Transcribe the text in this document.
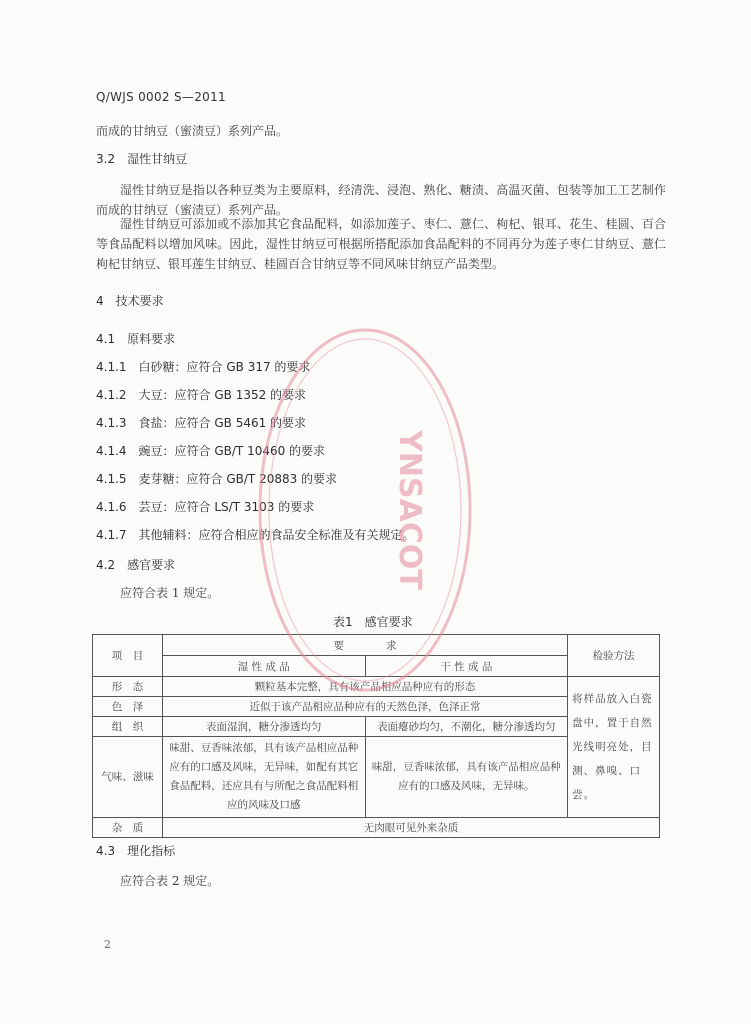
Q/WJS 0002 S—2011
而成的甘纳豆（蜜渍豆）系列产品。
3.2　湿性甘纳豆
湿性甘纳豆是指以各种豆类为主要原料，经清洗、浸泡、熟化、糖渍、高温灭菌、包装等加工工艺制作而成的甘纳豆（蜜渍豆）系列产品。
湿性甘纳豆可添加或不添加其它食品配料，如添加莲子、枣仁、薏仁、枸杞、银耳、花生、桂圆、百合等食品配料以增加风味。因此，湿性甘纳豆可根据所搭配添加食品配料的不同再分为莲子枣仁甘纳豆、薏仁枸杞甘纳豆、银耳莲生甘纳豆、桂圆百合甘纳豆等不同风味甘纳豆产品类型。
4　技术要求
4.1　原料要求
4.1.1　白砂糖：应符合 GB 317 的要求
4.1.2　大豆：应符合 GB 1352 的要求
4.1.3　食盐：应符合 GB 5461 的要求
4.1.4　豌豆：应符合 GB/T 10460 的要求
4.1.5　麦芽糖：应符合 GB/T 20883 的要求
4.1.6　芸豆：应符合 LS/T 3103 的要求
4.1.7　其他辅料：应符合相应的食品安全标准及有关规定。
4.2　感官要求
应符合表 1 规定。
表1　感官要求
项　目	要　　　　求		检验方法
	湿 性 成 品	干 性 成 品	
形　态	颗粒基本完整，具有该产品相应品种应有的形态		将样品放入白瓷盘中，置于自然光线明亮处，目测、鼻嗅、口尝。
色　泽	近似于该产品相应品种应有的天然色泽，色泽正常		
组　织	表面湿润，糖分渗透均匀	表面瘪砂均匀，不潮化，糖分渗透均匀	
气味、滋味	味甜、豆香味浓郁，具有该产品相应品种应有的口感及风味，无异味，如配有其它食品配料，还应具有与所配之食品配料相应的风味及口感	味甜，豆香味浓郁，具有该产品相应品种应有的口感及风味，无异味。	
杂　质	无肉眼可见外来杂质		
4.3　理化指标
应符合表 2 规定。
2
YNSACOT
